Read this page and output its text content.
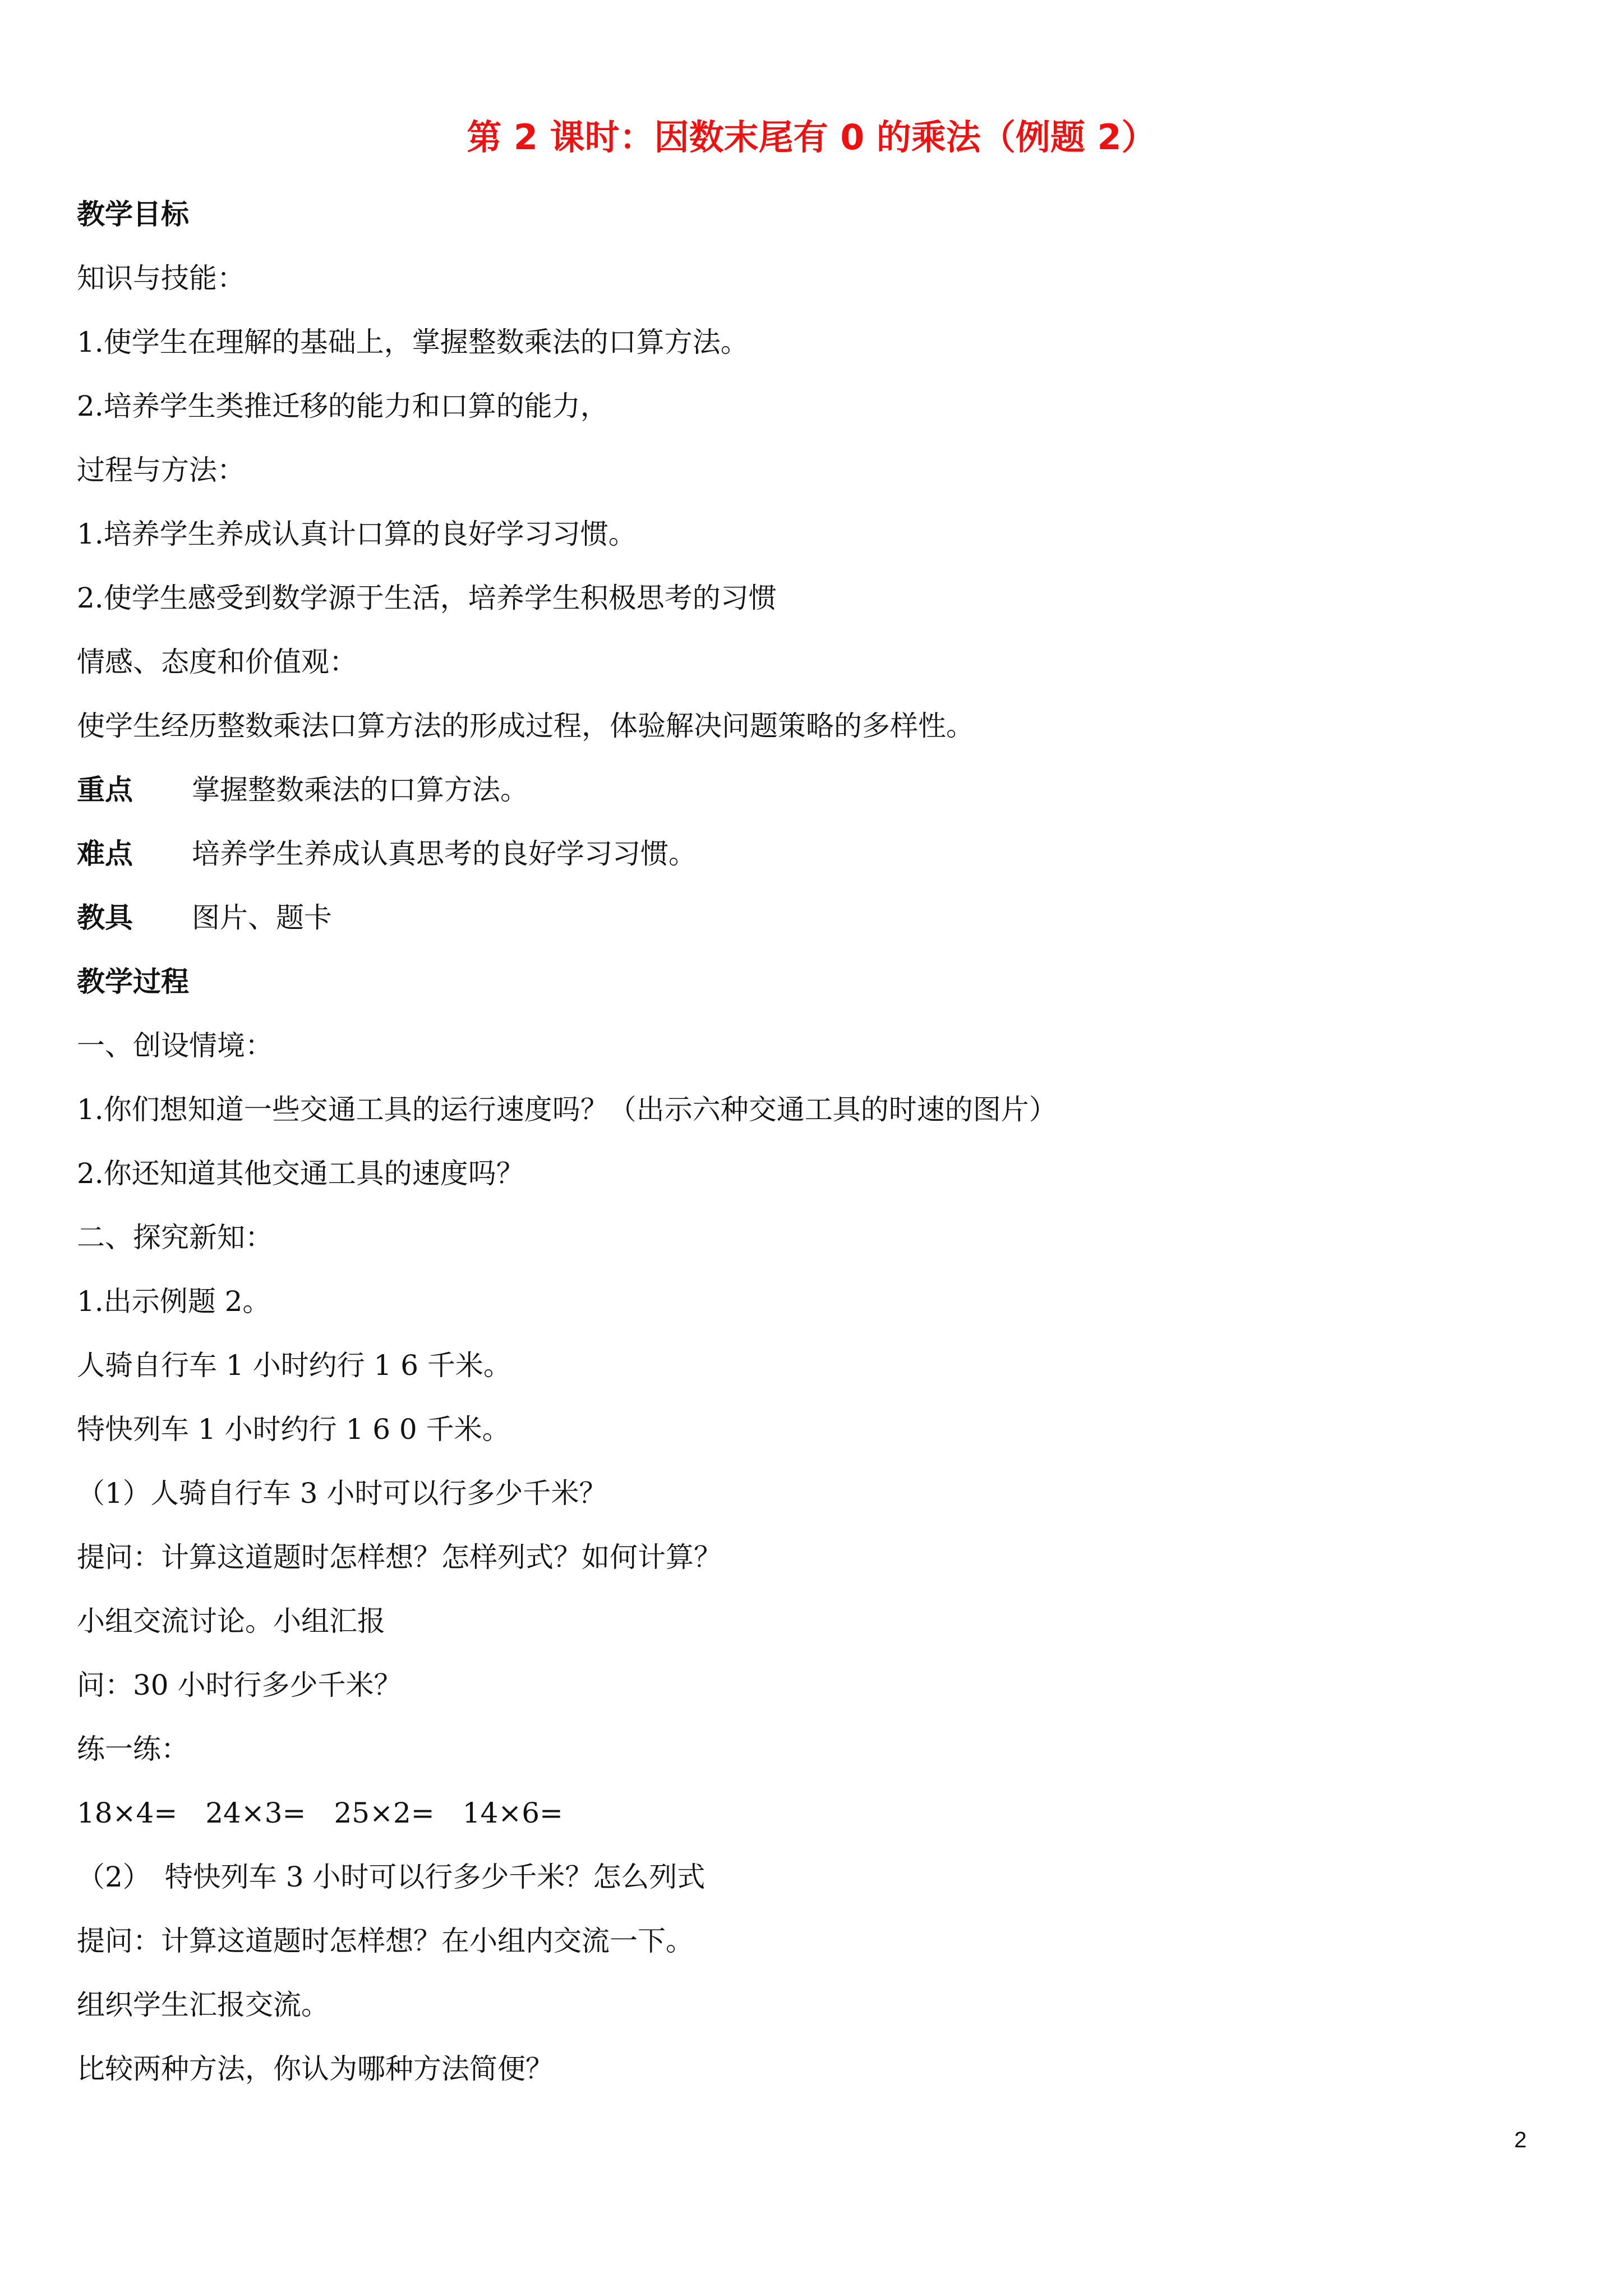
第 2 课时：因数末尾有 0 的乘法（例题 2）
教学目标
知识与技能：
1.使学生在理解的基础上，掌握整数乘法的口算方法。
2.培养学生类推迁移的能力和口算的能力，
过程与方法：
1.培养学生养成认真计口算的良好学习习惯。
2.使学生感受到数学源于生活，培养学生积极思考的习惯
情感、态度和价值观：
使学生经历整数乘法口算方法的形成过程，体验解决问题策略的多样性。
重点 掌握整数乘法的口算方法。
难点 培养学生养成认真思考的良好学习习惯。
教具 图片、题卡
教学过程
一、创设情境：
1.你们想知道一些交通工具的运行速度吗？（出示六种交通工具的时速的图片）
2.你还知道其他交通工具的速度吗？
二、探究新知：
1.出示例题 2。
人骑自行车 1 小时约行 1 6 千米。
特快列车 1 小时约行 1 6 0 千米。
（1）人骑自行车 3 小时可以行多少千米？
提问：计算这道题时怎样想？怎样列式？如何计算？
小组交流讨论。小组汇报
问：30 小时行多少千米？
练一练：
18×4=　24×3=　25×2=　14×6=
（2）　特快列车 3 小时可以行多少千米？怎么列式
提问：计算这道题时怎样想？在小组内交流一下。
组织学生汇报交流。
比较两种方法，你认为哪种方法简便？
2
